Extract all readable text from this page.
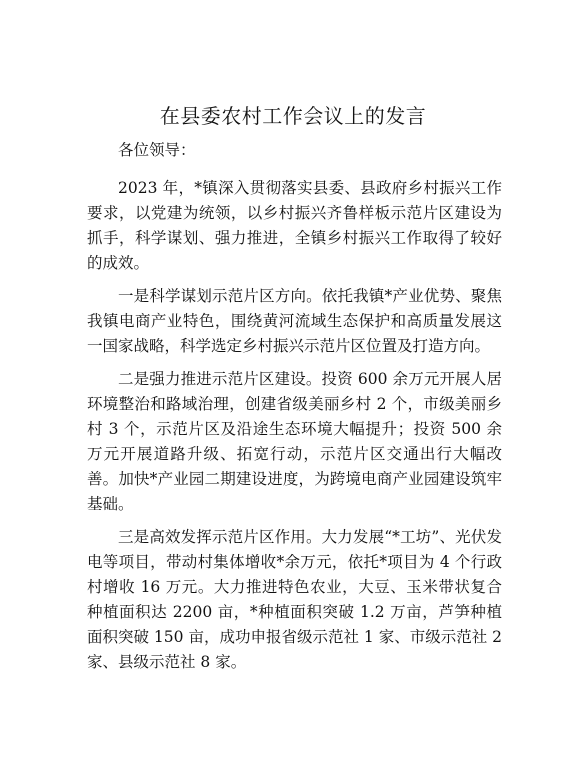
在县委农村工作会议上的发言

各位领导：

2023 年，*镇深入贯彻落实县委、县政府乡村振兴工作要求，以党建为统领，以乡村振兴齐鲁样板示范片区建设为抓手，科学谋划、强力推进，全镇乡村振兴工作取得了较好的成效。

一是科学谋划示范片区方向。依托我镇*产业优势、聚焦我镇电商产业特色，围绕黄河流域生态保护和高质量发展这一国家战略，科学选定乡村振兴示范片区位置及打造方向。

二是强力推进示范片区建设。投资 600 余万元开展人居环境整治和路域治理，创建省级美丽乡村 2 个，市级美丽乡村 3 个，示范片区及沿途生态环境大幅提升；投资 500 余万元开展道路升级、拓宽行动，示范片区交通出行大幅改善。加快*产业园二期建设进度，为跨境电商产业园建设筑牢基础。

三是高效发挥示范片区作用。大力发展“*工坊”、光伏发电等项目，带动村集体增收*余万元，依托*项目为 4 个行政村增收 16 万元。大力推进特色农业，大豆、玉米带状复合种植面积达 2200 亩，*种植面积突破 1.2 万亩，芦笋种植面积突破 150 亩，成功申报省级示范社 1 家、市级示范社 2 家、县级示范社 8 家。
